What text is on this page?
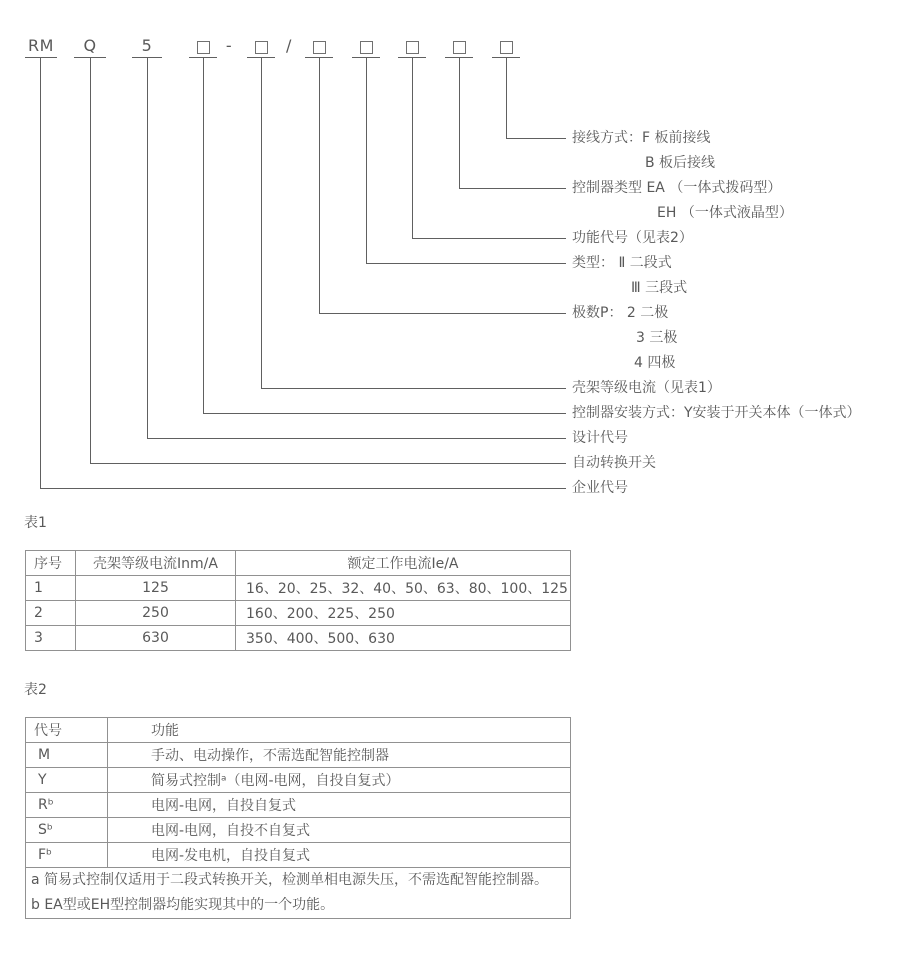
RM	Q	5	-	/
接线方式：F 板前接线
B 板后接线
控制器类型 EA （一体式拨码型）
EH （一体式液晶型）
功能代号（见表2）
类型： Ⅱ 二段式
Ⅲ 三段式
极数P： 2 二极
3 三极
4 四极
壳架等级电流（见表1）
控制器安装方式：Y安装于开关本体（一体式）
设计代号
自动转换开关
企业代号
表1
序号	壳架等级电流Inm/A	额定工作电流Ie/A
1	125	16、20、25、32、40、50、63、80、100、125
2	250	160、200、225、250
3	630	350、400、500、630
表2
代号	功能
M	手动、电动操作，不需选配智能控制器
Y	简易式控制ᵃ（电网-电网，自投自复式）
Rᵇ	电网-电网，自投自复式
Sᵇ	电网-电网，自投不自复式
Fᵇ	电网-发电机，自投自复式

a 简易式控制仅适用于二段式转换开关，检测单相电源失压，不需选配智能控制器。
b EA型或EH型控制器均能实现其中的一个功能。	
